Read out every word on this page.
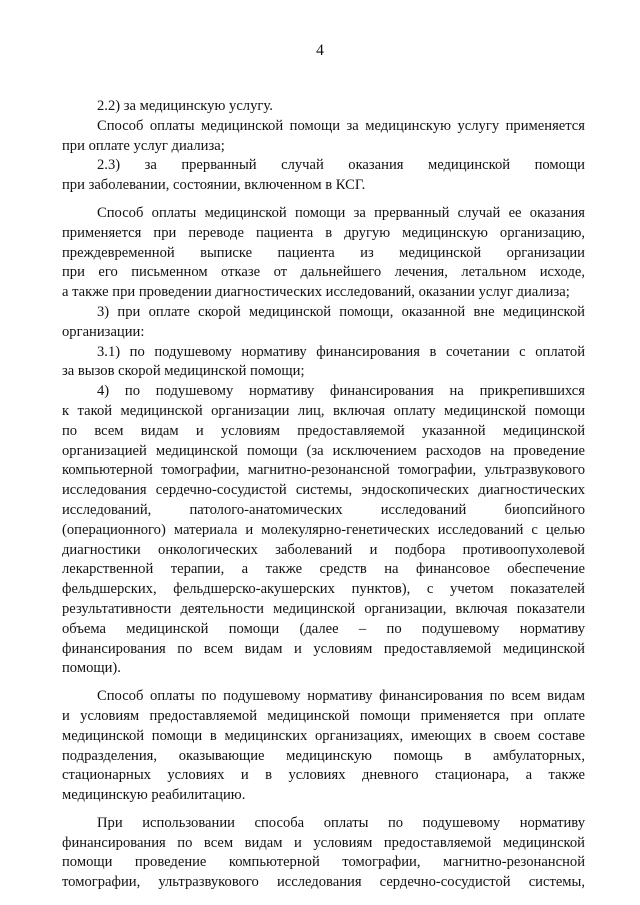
4

2.2) за медицинскую услугу.

Способ оплаты медицинской помощи за медицинскую услугу применяется
при оплате услуг диализа;

2.3) за прерванный случай оказания медицинской помощи
при заболевании, состоянии, включенном в КСГ.

Способ оплаты медицинской помощи за прерванный случай ее оказания
применяется при переводе пациента в другую медицинскую организацию,
преждевременной выписке пациента из медицинской организации
при его письменном отказе от дальнейшего лечения, летальном исходе,
а также при проведении диагностических исследований, оказании услуг диализа;

3) при оплате скорой медицинской помощи, оказанной вне медицинской
организации:

3.1) по подушевому нормативу финансирования в сочетании с оплатой
за вызов скорой медицинской помощи;

4) по подушевому нормативу финансирования на прикрепившихся
к такой медицинской организации лиц, включая оплату медицинской помощи
по всем видам и условиям предоставляемой указанной медицинской
организацией медицинской помощи (за исключением расходов на проведение
компьютерной томографии, магнитно-резонансной томографии, ультразвукового
исследования сердечно-сосудистой системы, эндоскопических диагностических
исследований, патолого-анатомических исследований биопсийного
(операционного) материала и молекулярно-генетических исследований с целью
диагностики онкологических заболеваний и подбора противоопухолевой
лекарственной терапии, а также средств на финансовое обеспечение
фельдшерских, фельдшерско-акушерских пунктов), с учетом показателей
результативности деятельности медицинской организации, включая показатели
объема медицинской помощи (далее – по подушевому нормативу
финансирования по всем видам и условиям предоставляемой медицинской
помощи).

Способ оплаты по подушевому нормативу финансирования по всем видам
и условиям предоставляемой медицинской помощи применяется при оплате
медицинской помощи в медицинских организациях, имеющих в своем составе
подразделения, оказывающие медицинскую помощь в амбулаторных,
стационарных условиях и в условиях дневного стационара, а также
медицинскую реабилитацию.

При использовании способа оплаты по подушевому нормативу
финансирования по всем видам и условиям предоставляемой медицинской
помощи проведение компьютерной томографии, магнитно-резонансной
томографии, ультразвукового исследования сердечно-сосудистой системы,
